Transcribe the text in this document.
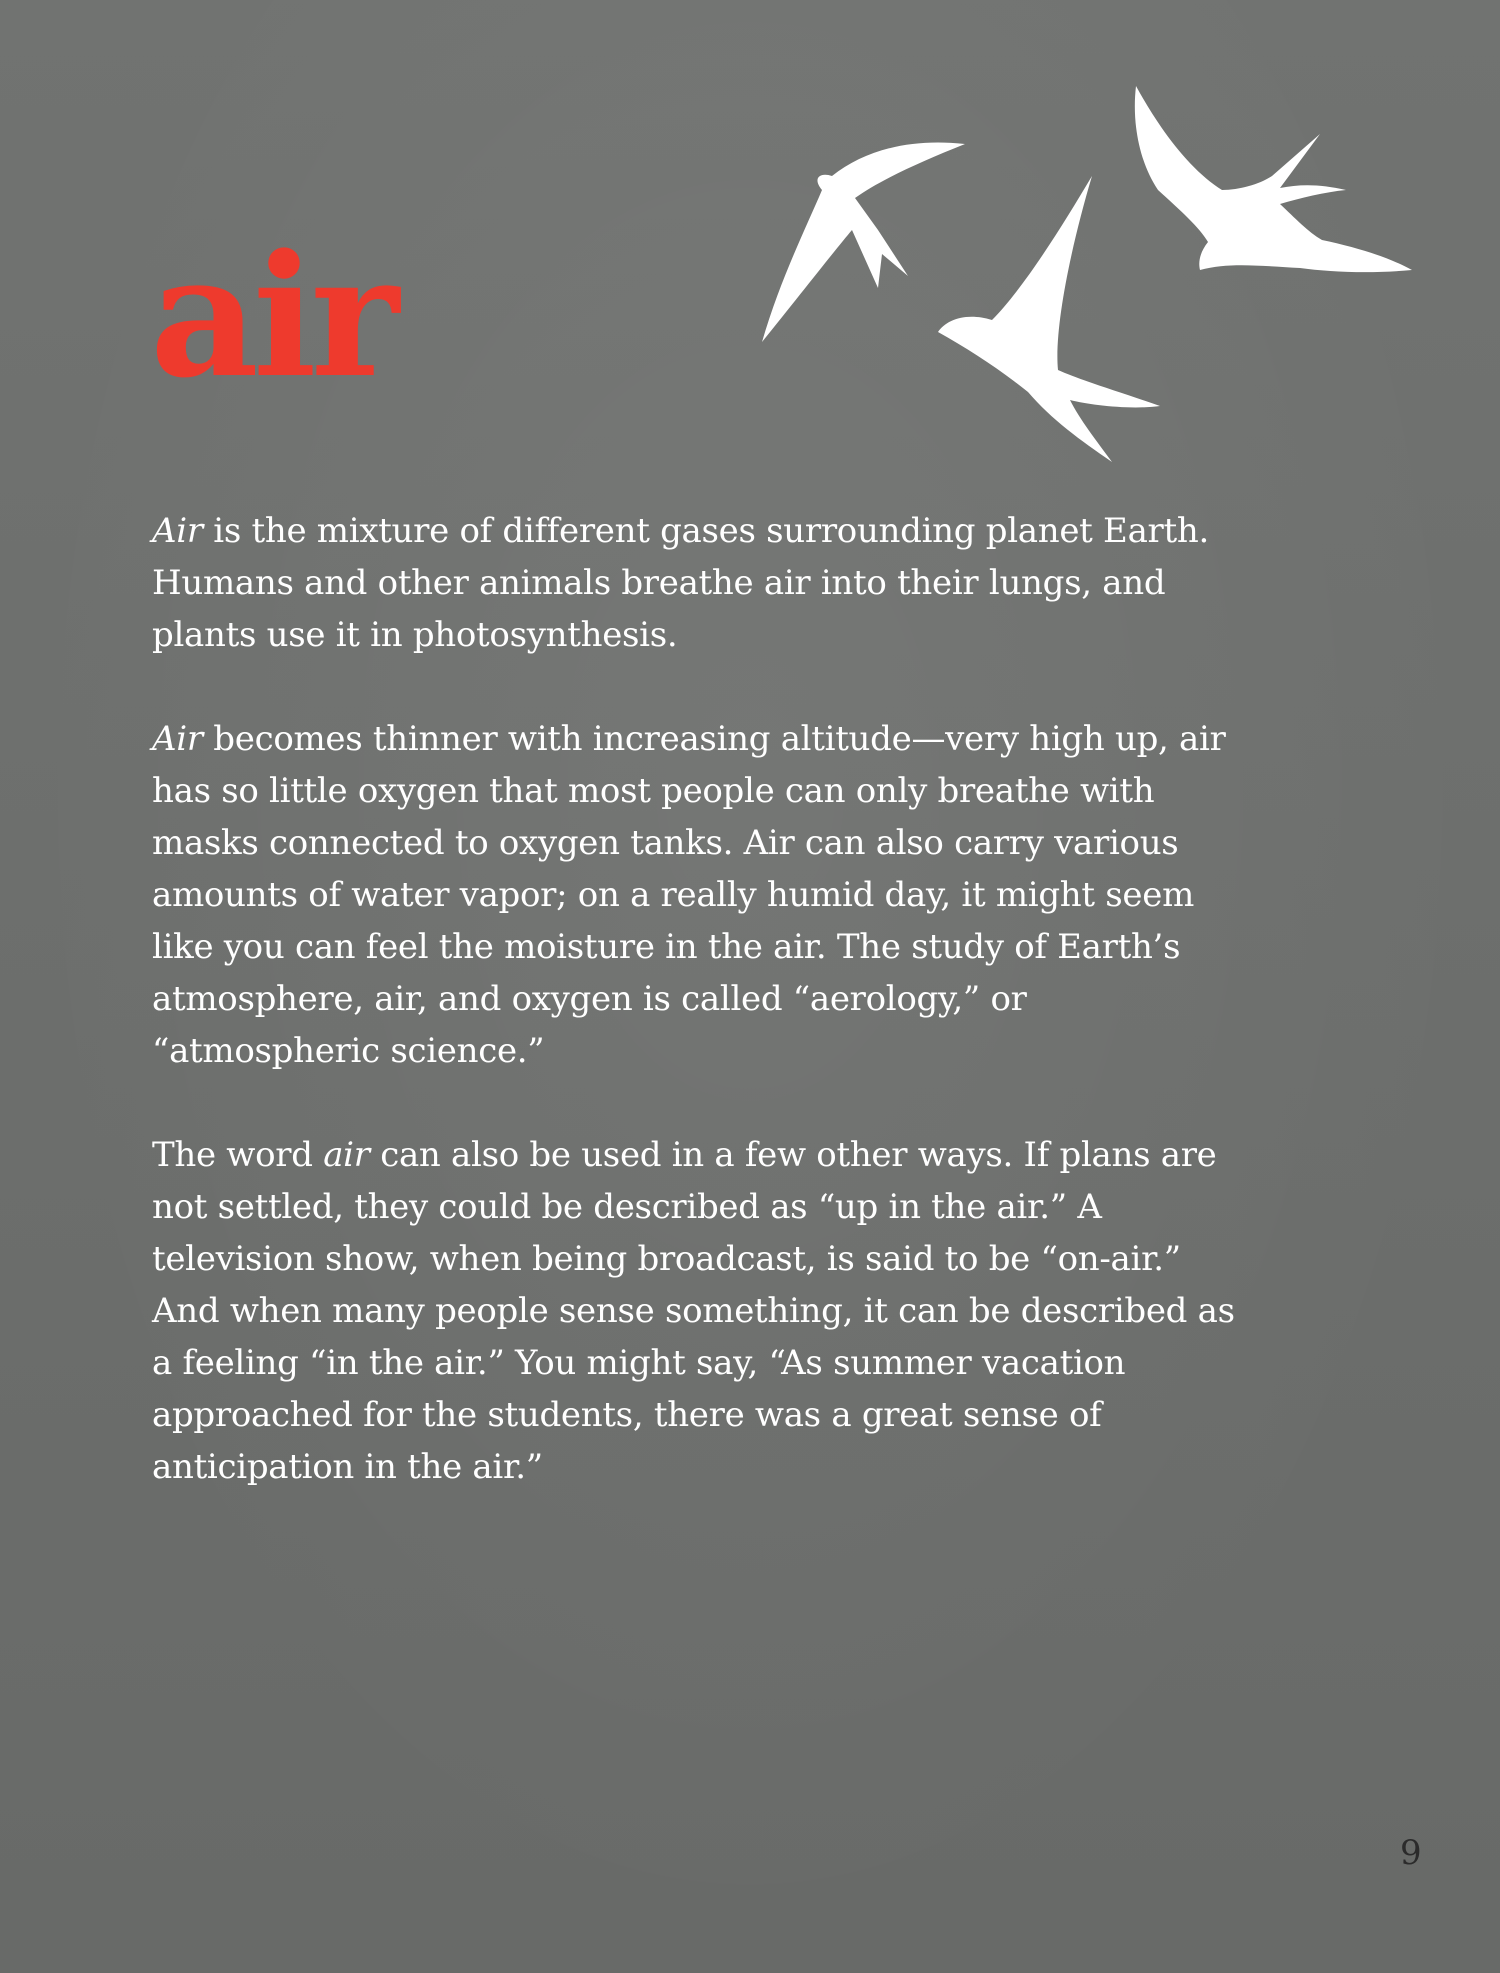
air

Air is the mixture of different gases surrounding planet Earth. Humans and other animals breathe air into their lungs, and plants use it in photosynthesis.

Air becomes thinner with increasing altitude—very high up, air has so little oxygen that most people can only breathe with masks connected to oxygen tanks. Air can also carry various amounts of water vapor; on a really humid day, it might seem like you can feel the moisture in the air. The study of Earth’s atmosphere, air, and oxygen is called “aerology,” or “atmospheric science.”

The word air can also be used in a few other ways. If plans are not settled, they could be described as “up in the air.” A television show, when being broadcast, is said to be “on-air.” And when many people sense something, it can be described as a feeling “in the air.” You might say, “As summer vacation approached for the students, there was a great sense of anticipation in the air.”

9
